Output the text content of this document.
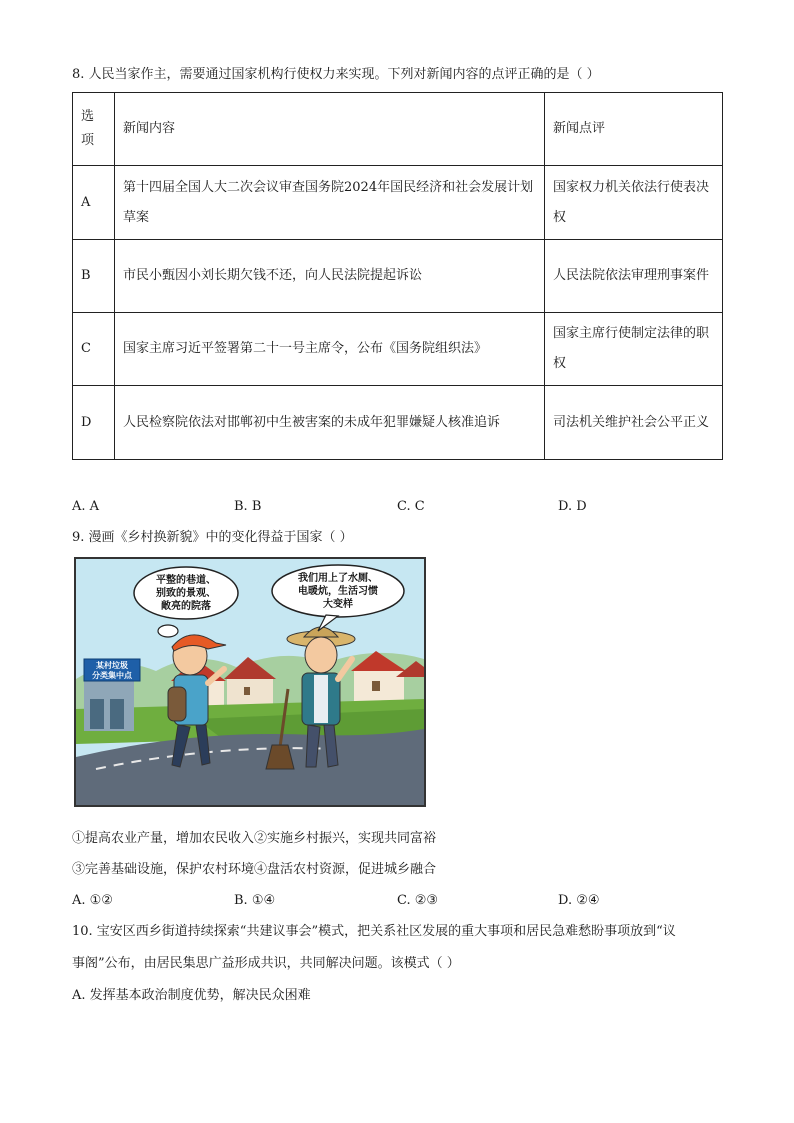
8. 人民当家作主，需要通过国家机构行使权力来实现。下列对新闻内容的点评正确的是（ ）
选项	新闻内容	新闻点评
A	第十四届全国人大二次会议审查国务院2024年国民经济和社会发展计划草案	国家权力机关依法行使表决权
B	市民小甄因小刘长期欠钱不还，向人民法院提起诉讼	人民法院依法审理刑事案件
C	国家主席习近平签署第二十一号主席令，公布《国务院组织法》	国家主席行使制定法律的职权
D	人民检察院依法对邯郸初中生被害案的未成年犯罪嫌疑人核准追诉	司法机关维护社会公平正义
A. A	B. B	C. C	D. D
9. 漫画《乡村换新貌》中的变化得益于国家（ ）
某村垃圾
分类集中点
平整的巷道、
别致的景观、
敞亮的院落
我们用上了水厕、
电暖炕，生活习惯
大变样
①提高农业产量，增加农民收入②实施乡村振兴，实现共同富裕
③完善基础设施，保护农村环境④盘活农村资源，促进城乡融合
A. ①②	B. ①④	C. ②③	D. ②④
10. 宝安区西乡街道持续探索“共建议事会”模式，把关系社区发展的重大事项和居民急难愁盼事项放到“议
事阁”公布，由居民集思广益形成共识，共同解决问题。该模式（ ）
A. 发挥基本政治制度优势，解决民众困难
